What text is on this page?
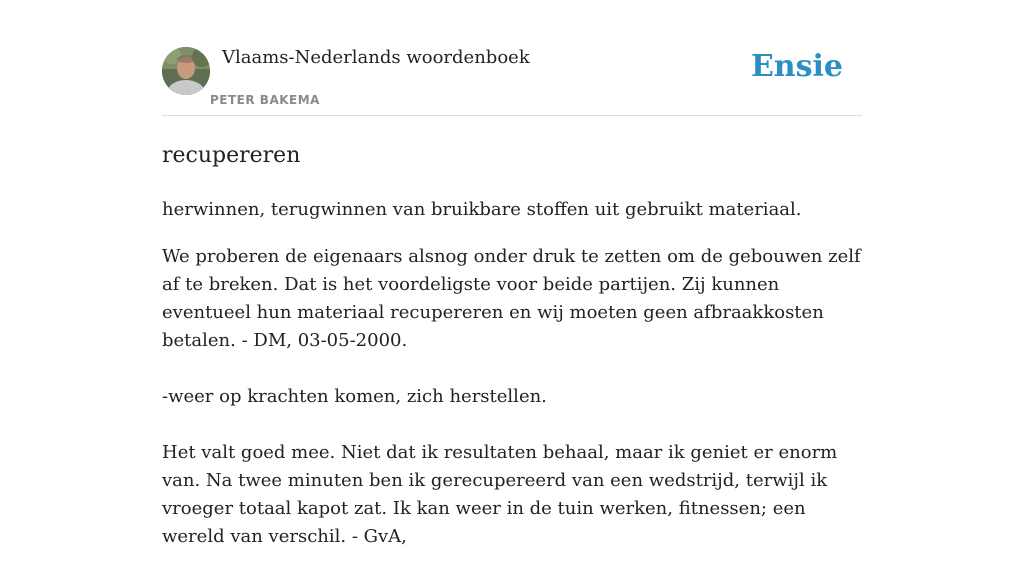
Vlaams-Nederlands woordenboek
PETER BAKEMA
Ensie
recupereren

herwinnen, terugwinnen van bruikbare stoffen uit gebruikt materiaal.

We proberen de eigenaars alsnog onder druk te zetten om de gebouwen zelf af te breken. Dat is het voordeligste voor beide partijen. Zij kunnen eventueel hun materiaal recupereren en wij moeten geen afbraakkosten betalen. - DM, 03-05-2000.

-weer op krachten komen, zich herstellen.

Het valt goed mee. Niet dat ik resultaten behaal, maar ik geniet er enorm van. Na twee minuten ben ik gerecupereerd van een wedstrijd, terwijl ik vroeger totaal kapot zat. Ik kan weer in de tuin werken, fitnessen; een wereld van verschil. - GvA,
